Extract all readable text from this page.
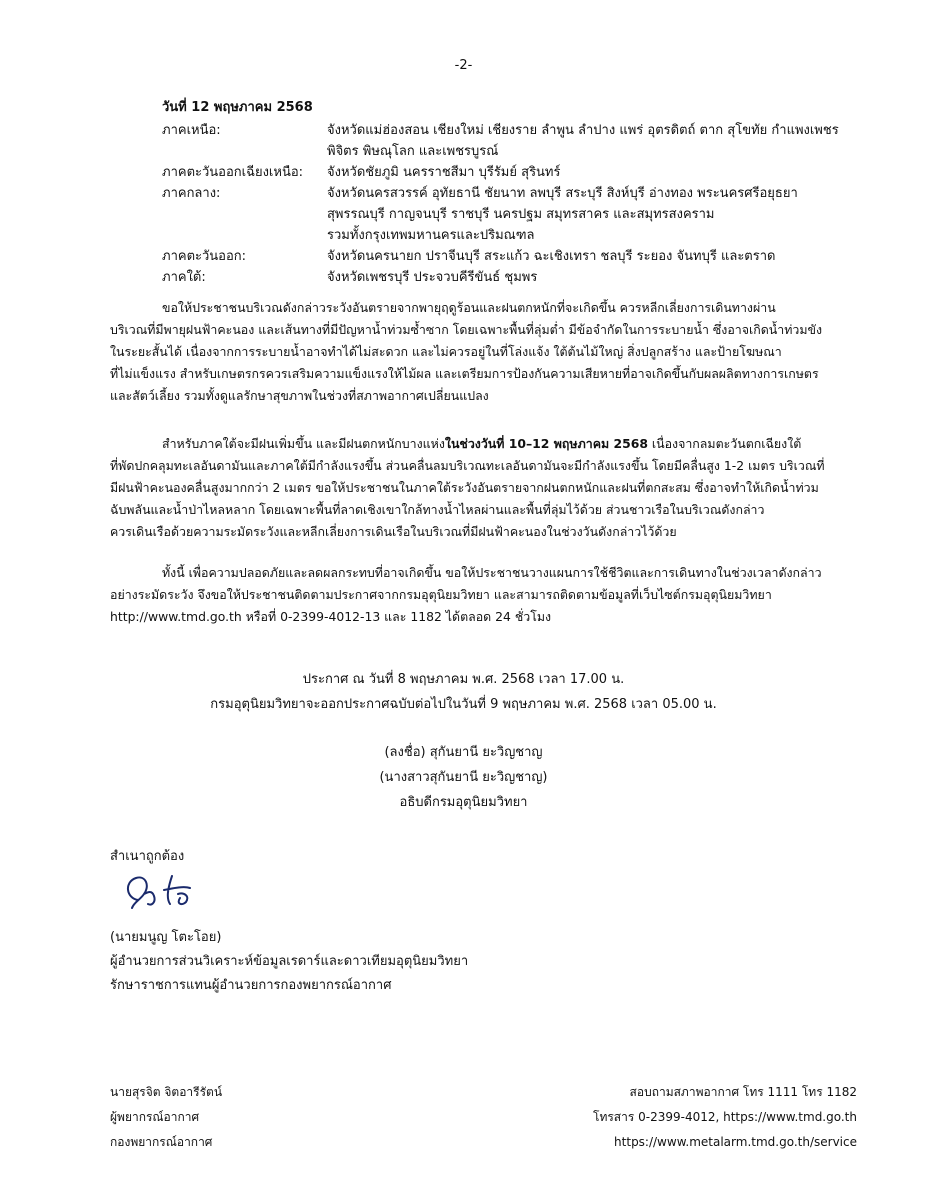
-2-
วันที่ 12 พฤษภาคม 2568
ภาคเหนือ:	จังหวัดแม่ฮ่องสอน เชียงใหม่ เชียงราย ลำพูน ลำปาง แพร่ อุตรดิตถ์ ตาก สุโขทัย กำแพงเพชร
พิจิตร พิษณุโลก และเพชรบูรณ์
ภาคตะวันออกเฉียงเหนือ: จังหวัดชัยภูมิ นครราชสีมา บุรีรัมย์ สุรินทร์
ภาคกลาง:	จังหวัดนครสวรรค์ อุทัยธานี ชัยนาท ลพบุรี สระบุรี สิงห์บุรี อ่างทอง พระนครศรีอยุธยา
สุพรรณบุรี กาญจนบุรี ราชบุรี นครปฐม สมุทรสาคร และสมุทรสงคราม
รวมทั้งกรุงเทพมหานครและปริมณฑล
ภาคตะวันออก:	จังหวัดนครนายก ปราจีนบุรี สระแก้ว ฉะเชิงเทรา ชลบุรี ระยอง จันทบุรี และตราด
ภาคใต้:	จังหวัดเพชรบุรี ประจวบคีรีขันธ์ ชุมพร

ขอให้ประชาชนบริเวณดังกล่าวระวังอันตรายจากพายุฤดูร้อนและฝนตกหนักที่จะเกิดขึ้น ควรหลีกเลี่ยงการเดินทางผ่าน

บริเวณที่มีพายุฝนฟ้าคะนอง และเส้นทางที่มีปัญหาน้ำท่วมซ้ำซาก โดยเฉพาะพื้นที่ลุ่มต่ำ มีข้อจำกัดในการระบายน้ำ ซึ่งอาจเกิดน้ำท่วมขัง

ในระยะสั้นได้ เนื่องจากการระบายน้ำอาจทำได้ไม่สะดวก และไม่ควรอยู่ในที่โล่งแจ้ง ใต้ต้นไม้ใหญ่ สิ่งปลูกสร้าง และป้ายโฆษณา

ที่ไม่แข็งแรง สำหรับเกษตรกรควรเสริมความแข็งแรงให้ไม้ผล และเตรียมการป้องกันความเสียหายที่อาจเกิดขึ้นกับผลผลิตทางการเกษตร

และสัตว์เลี้ยง รวมทั้งดูแลรักษาสุขภาพในช่วงที่สภาพอากาศเปลี่ยนแปลง

สำหรับภาคใต้จะมีฝนเพิ่มขึ้น และมีฝนตกหนักบางแห่งในช่วงวันที่ 10–12 พฤษภาคม 2568 เนื่องจากลมตะวันตกเฉียงใต้

ที่พัดปกคลุมทะเลอันดามันและภาคใต้มีกำลังแรงขึ้น ส่วนคลื่นลมบริเวณทะเลอันดามันจะมีกำลังแรงขึ้น โดยมีคลื่นสูง 1-2 เมตร บริเวณที่

มีฝนฟ้าคะนองคลื่นสูงมากกว่า 2 เมตร ขอให้ประชาชนในภาคใต้ระวังอันตรายจากฝนตกหนักและฝนที่ตกสะสม ซึ่งอาจทำให้เกิดน้ำท่วม

ฉับพลันและน้ำป่าไหลหลาก โดยเฉพาะพื้นที่ลาดเชิงเขาใกล้ทางน้ำไหลผ่านและพื้นที่ลุ่มไว้ด้วย ส่วนชาวเรือในบริเวณดังกล่าว

ควรเดินเรือด้วยความระมัดระวังและหลีกเลี่ยงการเดินเรือในบริเวณที่มีฝนฟ้าคะนองในช่วงวันดังกล่าวไว้ด้วย

ทั้งนี้ เพื่อความปลอดภัยและลดผลกระทบที่อาจเกิดขึ้น ขอให้ประชาชนวางแผนการใช้ชีวิตและการเดินทางในช่วงเวลาดังกล่าว

อย่างระมัดระวัง จึงขอให้ประชาชนติดตามประกาศจากกรมอุตุนิยมวิทยา และสามารถติดตามข้อมูลที่เว็บไซต์กรมอุตุนิยมวิทยา

http://www.tmd.go.th หรือที่ 0-2399-4012-13 และ 1182 ได้ตลอด 24 ชั่วโมง

ประกาศ ณ วันที่ 8 พฤษภาคม พ.ศ. 2568 เวลา 17.00 น.
กรมอุตุนิยมวิทยาจะออกประกาศฉบับต่อไปในวันที่ 9 พฤษภาคม พ.ศ. 2568 เวลา 05.00 น.
(ลงชื่อ) สุกันยานี ยะวิญชาญ
(นางสาวสุกันยานี ยะวิญชาญ)
อธิบดีกรมอุตุนิยมวิทยา
สำเนาถูกต้อง
(นายมนูญ โตะโอย)
ผู้อำนวยการส่วนวิเคราะห์ข้อมูลเรดาร์และดาวเทียมอุตุนิยมวิทยา
รักษาราชการแทนผู้อำนวยการกองพยากรณ์อากาศ
นายสุรจิต จิตอารีรัตน์
ผู้พยากรณ์อากาศ
กองพยากรณ์อากาศ
สอบถามสภาพอากาศ โทร 1111 โทร 1182
โทรสาร 0-2399-4012, https://www.tmd.go.th
https://www.metalarm.tmd.go.th/service
